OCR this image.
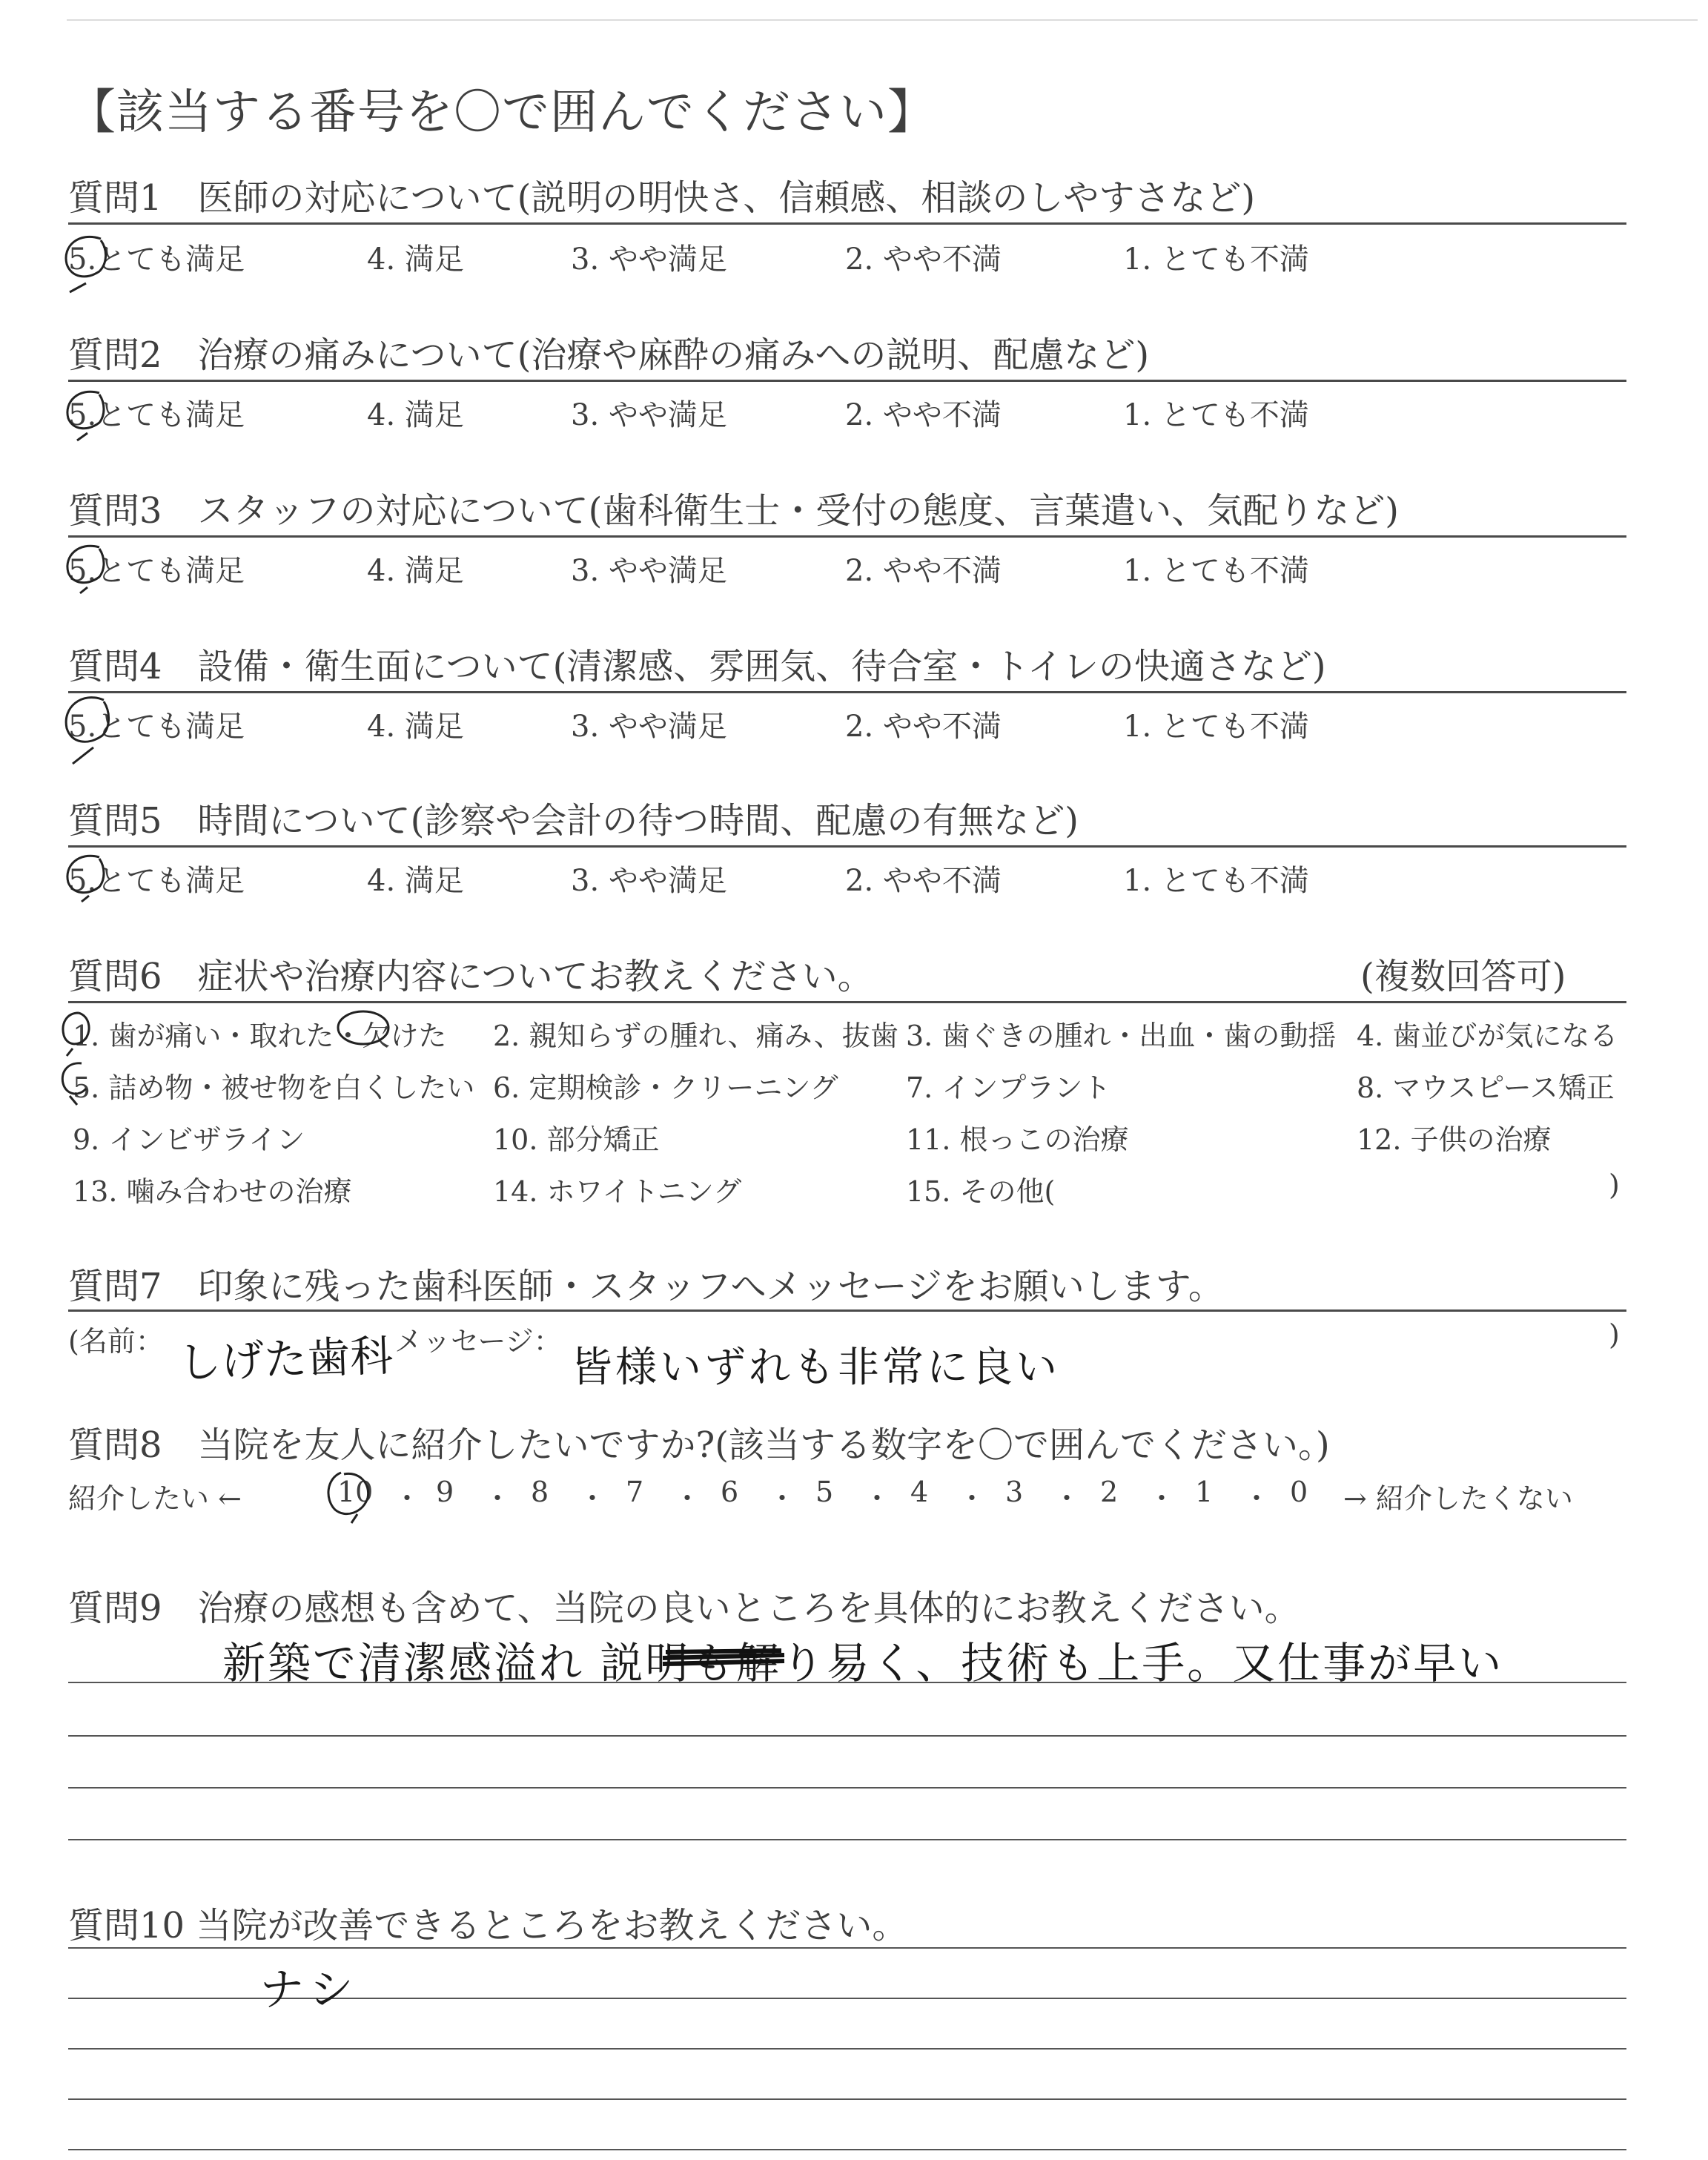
【該当する番号を〇で囲んでください】
質問1　医師の対応について(説明の明快さ、信頼感、相談のしやすさなど)
5.とても満足	4. 満足	3. やや満足	2. やや不満	1. とても不満
質問2　治療の痛みについて(治療や麻酔の痛みへの説明、配慮など)
5.とても満足	4. 満足	3. やや満足	2. やや不満	1. とても不満
質問3　スタッフの対応について(歯科衛生士・受付の態度、言葉遣い、気配りなど)
5.とても満足	4. 満足	3. やや満足	2. やや不満	1. とても不満
質問4　設備・衛生面について(清潔感、雰囲気、待合室・トイレの快適さなど)
5.とても満足	4. 満足	3. やや満足	2. やや不満	1. とても不満
質問5　時間について(診察や会計の待つ時間、配慮の有無など)
5.とても満足	4. 満足	3. やや満足	2. やや不満	1. とても不満
質問6　症状や治療内容についてお教えください。	(複数回答可)
1. 歯が痛い・取れた・欠けた 2. 親知らずの腫れ、痛み、抜歯 3. 歯ぐきの腫れ・出血・歯の動揺 4. 歯並びが気になる
5. 詰め物・被せ物を白くしたい 6. 定期検診・クリーニング 7. インプラント	8. マウスピース矯正
9. インビザライン	10. 部分矯正	11. 根っこの治療	12. 子供の治療
13. 噛み合わせの治療	14. ホワイトニング	15. その他(	)
質問7　印象に残った歯科医師・スタッフへメッセージをお願いします。
(名前： しげた歯科 メッセージ：
皆様いずれも非常に良い
)
質問8　当院を友人に紹介したいですか?(該当する数字を〇で囲んでください。)
紹介したい ←	10 ・ 9 ・ 8 ・ 7 ・ 6 ・ 5 ・ 4 ・ 3 ・ 2 ・ 1 ・ 0 → 紹介したくない
質問9　治療の感想も含めて、当院の良いところを具体的にお教えください。
新築で清潔感溢れ 説明も解り易く、技術も上手。又仕事が早い
質問10 当院が改善できるところをお教えください。
ナシ
